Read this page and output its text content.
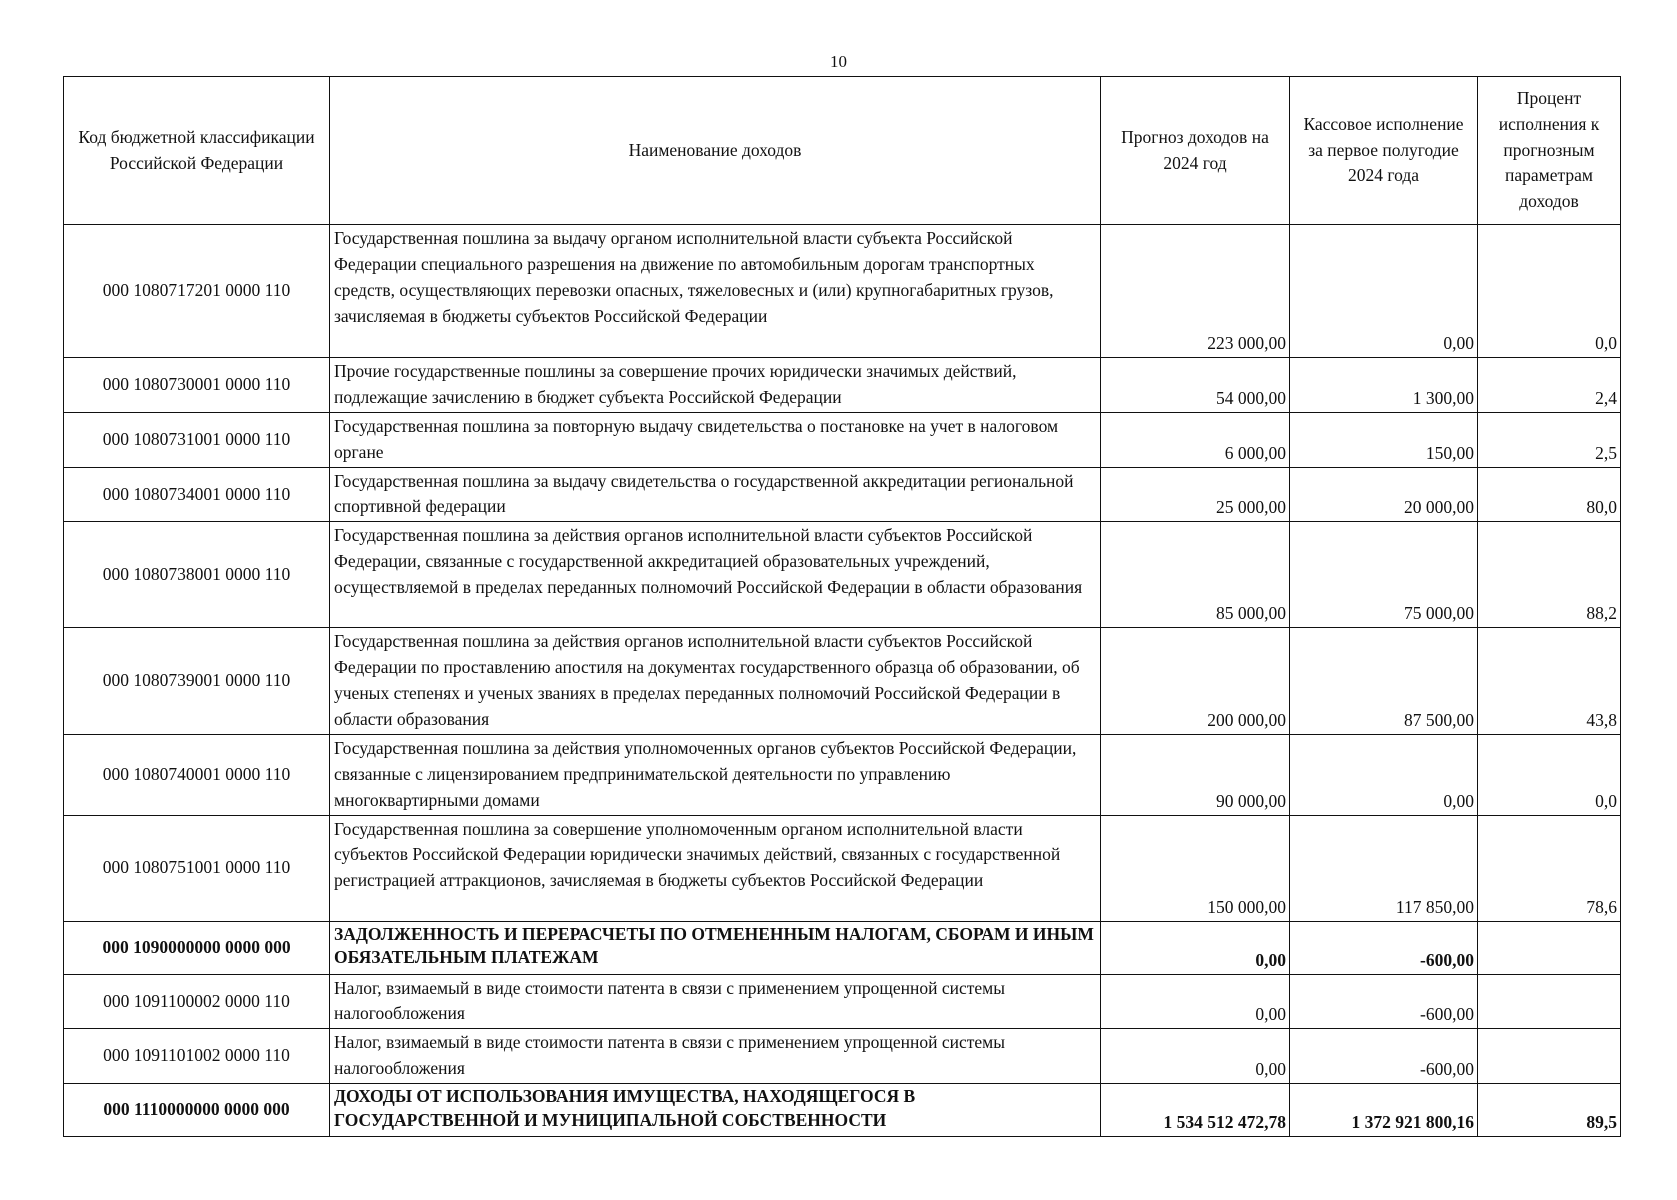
10
Код бюджетной классификации Российской Федерации	Наименование доходов	Прогноз доходов на 2024 год	Кассовое исполнение за первое полугодие 2024 года	Процент исполнения к прогнозным параметрам доходов
000 1080717201 0000 110	Государственная пошлина за выдачу органом исполнительной власти субъекта Российской Федерации специального разрешения на движение по автомобильным дорогам транспортных средств, осуществляющих перевозки опасных, тяжеловесных и (или) крупногабаритных грузов, зачисляемая в бюджеты субъектов Российской Федерации	223 000,00	0,00	0,0
000 1080730001 0000 110	Прочие государственные пошлины за совершение прочих юридически значимых действий, подлежащие зачислению в бюджет субъекта Российской Федерации	54 000,00	1 300,00	2,4
000 1080731001 0000 110	Государственная пошлина за повторную выдачу свидетельства о постановке на учет в налоговом органе	6 000,00	150,00	2,5
000 1080734001 0000 110	Государственная пошлина за выдачу свидетельства о государственной аккредитации региональной спортивной федерации	25 000,00	20 000,00	80,0
000 1080738001 0000 110	Государственная пошлина за действия органов исполнительной власти субъектов Российской Федерации, связанные с государственной аккредитацией образовательных учреждений, осуществляемой в пределах переданных полномочий Российской Федерации в области образования	85 000,00	75 000,00	88,2
000 1080739001 0000 110	Государственная пошлина за действия органов исполнительной власти субъектов Российской Федерации по проставлению апостиля на документах государственного образца об образовании, об ученых степенях и ученых званиях в пределах переданных полномочий Российской Федерации в области образования	200 000,00	87 500,00	43,8
000 1080740001 0000 110	Государственная пошлина за действия уполномоченных органов субъектов Российской Федерации, связанные с лицензированием предпринимательской деятельности по управлению многоквартирными домами	90 000,00	0,00	0,0
000 1080751001 0000 110	Государственная пошлина за совершение уполномоченным органом исполнительной власти субъектов Российской Федерации юридически значимых действий, связанных с государственной регистрацией аттракционов, зачисляемая в бюджеты субъектов Российской Федерации	150 000,00	117 850,00	78,6
000 1090000000 0000 000	ЗАДОЛЖЕННОСТЬ И ПЕРЕРАСЧЕТЫ ПО ОТМЕНЕННЫМ НАЛОГАМ, СБОРАМ И ИНЫМ ОБЯЗАТЕЛЬНЫМ ПЛАТЕЖАМ	0,00	-600,00	
000 1091100002 0000 110	Налог, взимаемый в виде стоимости патента в связи с применением упрощенной системы налогообложения	0,00	-600,00	
000 1091101002 0000 110	Налог, взимаемый в виде стоимости патента в связи с применением упрощенной системы налогообложения	0,00	-600,00	
000 1110000000 0000 000	ДОХОДЫ ОТ ИСПОЛЬЗОВАНИЯ ИМУЩЕСТВА, НАХОДЯЩЕГОСЯ В ГОСУДАРСТВЕННОЙ И МУНИЦИПАЛЬНОЙ СОБСТВЕННОСТИ	1 534 512 472,78	1 372 921 800,16	89,5
